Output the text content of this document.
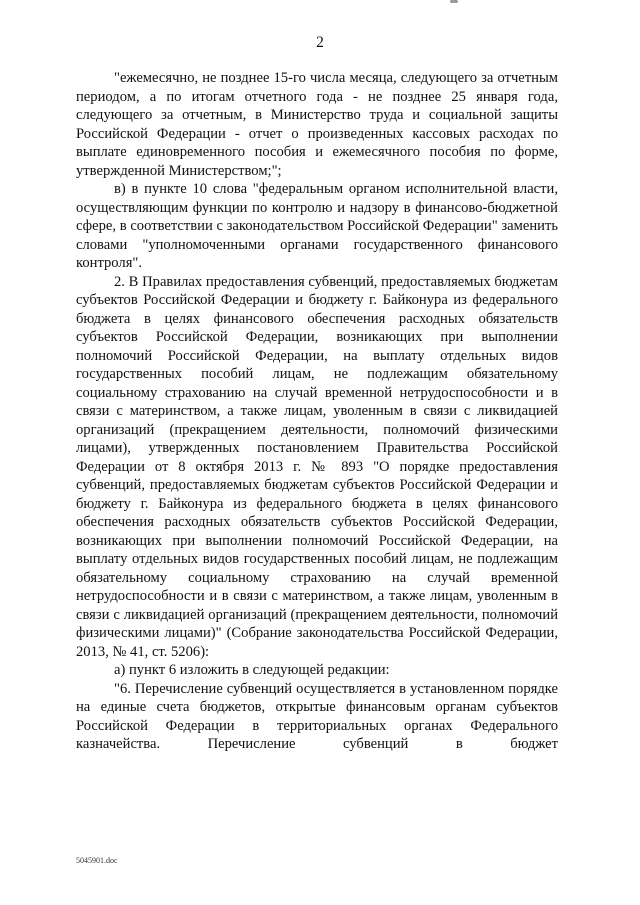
2

"ежемесячно, не позднее 15-го числа месяца, следующего за отчетным периодом, а по итогам отчетного года - не позднее 25 января года, следующего за отчетным, в Министерство труда и социальной защиты Российской Федерации - отчет о произведенных кассовых расходах по выплате единовременного пособия и ежемесячного пособия по форме, утвержденной Министерством;";

в) в пункте 10 слова "федеральным органом исполнительной власти, осуществляющим функции по контролю и надзору в финансово-бюджетной сфере, в соответствии с законодательством Российской Федерации" заменить словами "уполномоченными органами государственного финансового контроля".

2. В Правилах предоставления субвенций, предоставляемых бюджетам субъектов Российской Федерации и бюджету г. Байконура из федерального бюджета в целях финансового обеспечения расходных обязательств субъектов Российской Федерации, возникающих при выполнении полномочий Российской Федерации, на выплату отдельных видов государственных пособий лицам, не подлежащим обязательному социальному страхованию на случай временной нетрудоспособности и в связи с материнством, а также лицам, уволенным в связи с ликвидацией организаций (прекращением деятельности, полномочий физическими лицами), утвержденных постановлением Правительства Российской Федерации от 8 октября 2013 г. № 893 "О порядке предоставления субвенций, предоставляемых бюджетам субъектов Российской Федерации и бюджету г. Байконура из федерального бюджета в целях финансового обеспечения расходных обязательств субъектов Российской Федерации, возникающих при выполнении полномочий Российской Федерации, на выплату отдельных видов государственных пособий лицам, не подлежащим обязательному социальному страхованию на случай временной нетрудоспособности и в связи с материнством, а также лицам, уволенным в связи с ликвидацией организаций (прекращением деятельности, полномочий физическими лицами)" (Собрание законодательства Российской Федерации, 2013, № 41, ст. 5206):

а) пункт 6 изложить в следующей редакции:

"6. Перечисление субвенций осуществляется в установленном порядке на единые счета бюджетов, открытые финансовым органам субъектов Российской Федерации в территориальных органах Федерального казначейства. Перечисление субвенций в бюджет

5045901.doc
